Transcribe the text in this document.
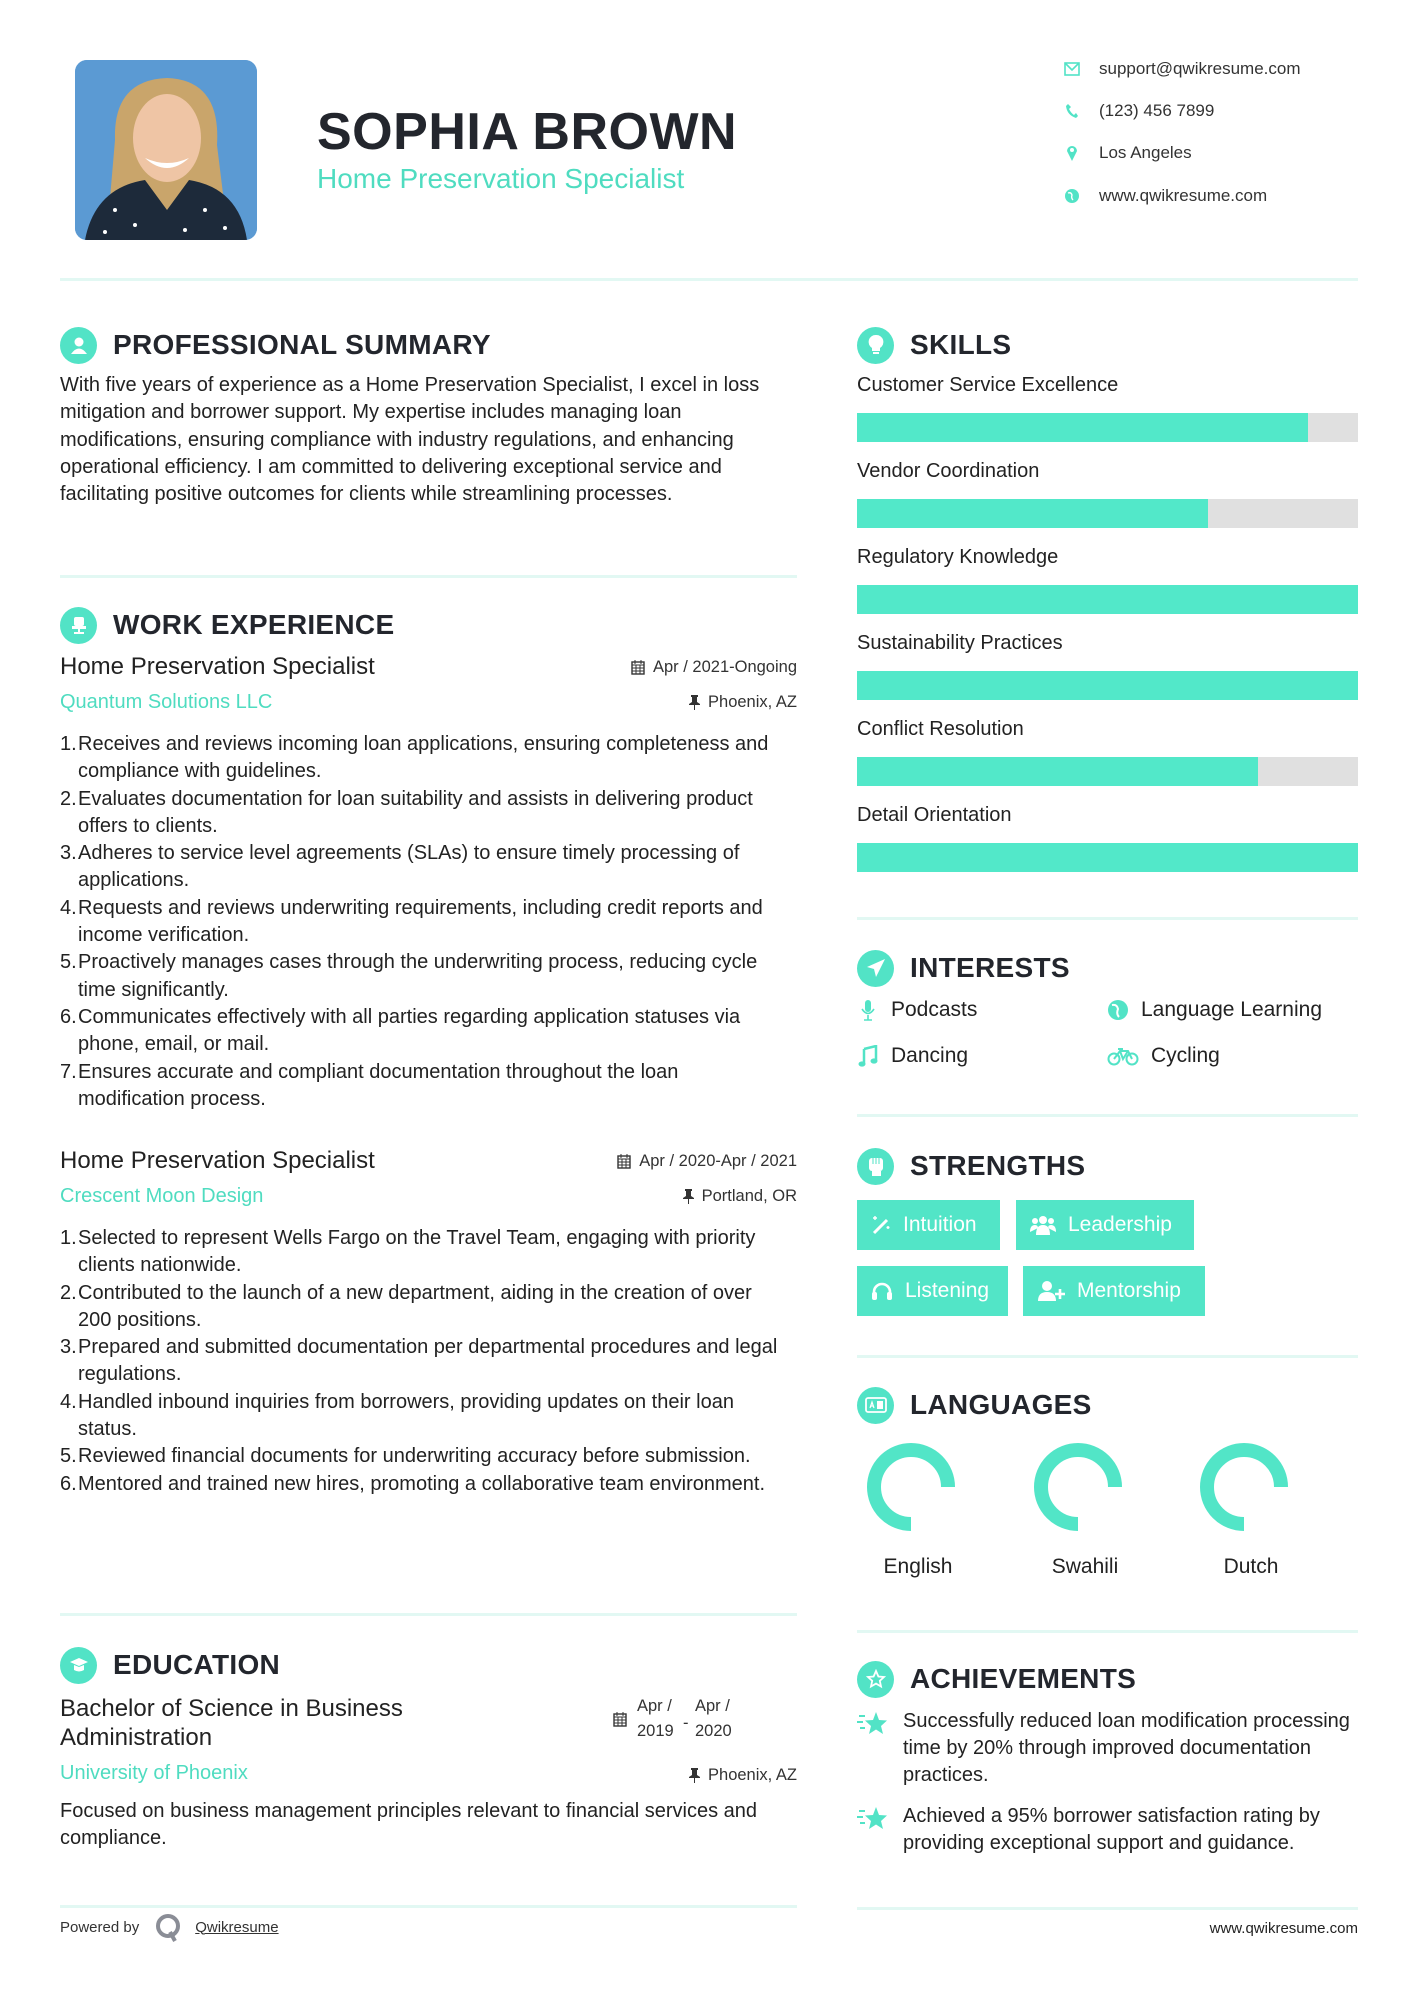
SOPHIA BROWN
Home Preservation Specialist
support@qwikresume.com
(123) 456 7899
Los Angeles
www.qwikresume.com
PROFESSIONAL SUMMARY

With five years of experience as a Home Preservation Specialist, I excel in loss mitigation and borrower support. My expertise includes managing loan modifications, ensuring compliance with industry regulations, and enhancing operational efficiency. I am committed to delivering exceptional service and facilitating positive outcomes for clients while streamlining processes.

WORK EXPERIENCE
Home Preservation Specialist	Apr / 2021-Ongoing
Quantum Solutions LLC	Phoenix, AZ
1. Receives and reviews incoming loan applications, ensuring completeness and compliance with guidelines.
2. Evaluates documentation for loan suitability and assists in delivering product offers to clients.
3. Adheres to service level agreements (SLAs) to ensure timely processing of applications.
4. Requests and reviews underwriting requirements, including credit reports and income verification.
5. Proactively manages cases through the underwriting process, reducing cycle time significantly.
6. Communicates effectively with all parties regarding application statuses via phone, email, or mail.
7. Ensures accurate and compliant documentation throughout the loan modification process.
Home Preservation Specialist	Apr / 2020-Apr / 2021
Crescent Moon Design	Portland, OR
1. Selected to represent Wells Fargo on the Travel Team, engaging with priority clients nationwide.
2. Contributed to the launch of a new department, aiding in the creation of over 200 positions.
3. Prepared and submitted documentation per departmental procedures and legal regulations.
4. Handled inbound inquiries from borrowers, providing updates on their loan status.
5. Reviewed financial documents for underwriting accuracy before submission.
6. Mentored and trained new hires, promoting a collaborative team environment.
EDUCATION
Bachelor of Science in Business Administration
Apr / 2019 -
Apr / 2020
University of Phoenix	Phoenix, AZ

Focused on business management principles relevant to financial services and compliance.

Powered by	Qwikresume
SKILLS
Customer Service Excellence
Vendor Coordination
Regulatory Knowledge
Sustainability Practices
Conflict Resolution
Detail Orientation
INTERESTS
Podcasts	Language Learning
Dancing	Cycling
STRENGTHS
Intuition	Leadership
Listening	Mentorship
LANGUAGES
English	Swahili	Dutch
ACHIEVEMENTS

Successfully reduced loan modification processing time by 20% through improved documentation practices.

Achieved a 95% borrower satisfaction rating by providing exceptional support and guidance.

www.qwikresume.com
